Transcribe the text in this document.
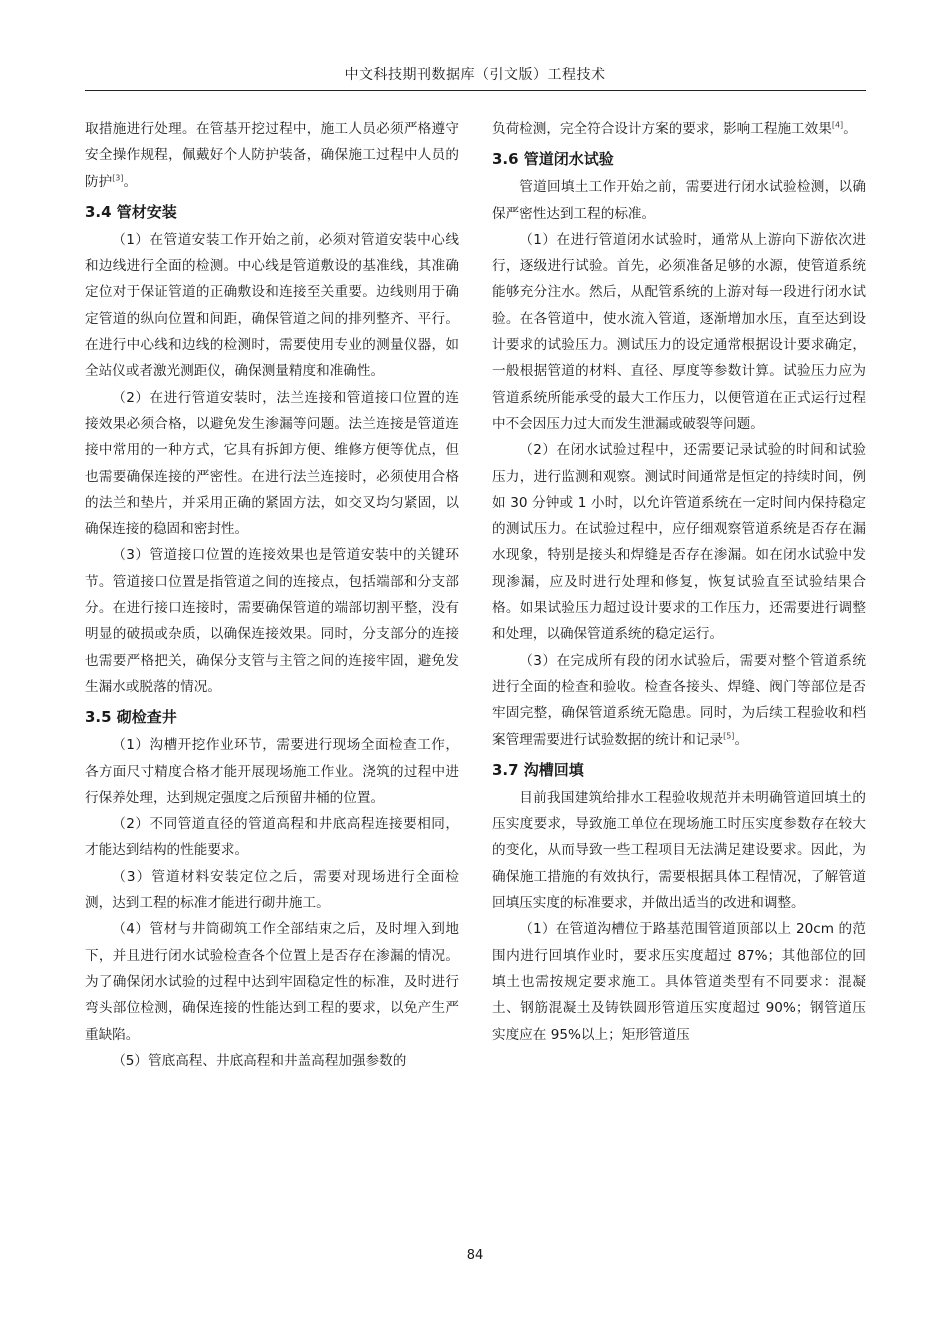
中文科技期刊数据库（引文版）工程技术

取措施进行处理。在管基开挖过程中，施工人员必须严格遵守安全操作规程，佩戴好个人防护装备，确保施工过程中人员的防护[3]。

3.4 管材安装

（1）在管道安装工作开始之前，必须对管道安装中心线和边线进行全面的检测。中心线是管道敷设的基准线，其准确定位对于保证管道的正确敷设和连接至关重要。边线则用于确定管道的纵向位置和间距，确保管道之间的排列整齐、平行。在进行中心线和边线的检测时，需要使用专业的测量仪器，如全站仪或者激光测距仪，确保测量精度和准确性。

（2）在进行管道安装时，法兰连接和管道接口位置的连接效果必须合格，以避免发生渗漏等问题。法兰连接是管道连接中常用的一种方式，它具有拆卸方便、维修方便等优点，但也需要确保连接的严密性。在进行法兰连接时，必须使用合格的法兰和垫片，并采用正确的紧固方法，如交叉均匀紧固，以确保连接的稳固和密封性。

（3）管道接口位置的连接效果也是管道安装中的关键环节。管道接口位置是指管道之间的连接点，包括端部和分支部分。在进行接口连接时，需要确保管道的端部切割平整，没有明显的破损或杂质，以确保连接效果。同时，分支部分的连接也需要严格把关，确保分支管与主管之间的连接牢固，避免发生漏水或脱落的情况。

3.5 砌检查井

（1）沟槽开挖作业环节，需要进行现场全面检查工作，各方面尺寸精度合格才能开展现场施工作业。浇筑的过程中进行保养处理，达到规定强度之后预留井桶的位置。

（2）不同管道直径的管道高程和井底高程连接要相同，才能达到结构的性能要求。

（3）管道材料安装定位之后，需要对现场进行全面检测，达到工程的标准才能进行砌井施工。

（4）管材与井筒砌筑工作全部结束之后，及时埋入到地下，并且进行闭水试验检查各个位置上是否存在渗漏的情况。为了确保闭水试验的过程中达到牢固稳定性的标准，及时进行弯头部位检测，确保连接的性能达到工程的要求，以免产生严重缺陷。

（5）管底高程、井底高程和井盖高程加强参数的

负荷检测，完全符合设计方案的要求，影响工程施工效果[4]。

3.6 管道闭水试验

管道回填土工作开始之前，需要进行闭水试验检测，以确保严密性达到工程的标准。

（1）在进行管道闭水试验时，通常从上游向下游依次进行，逐级进行试验。首先，必须准备足够的水源，使管道系统能够充分注水。然后，从配管系统的上游对每一段进行闭水试验。在各管道中，使水流入管道，逐渐增加水压，直至达到设计要求的试验压力。测试压力的设定通常根据设计要求确定，一般根据管道的材料、直径、厚度等参数计算。试验压力应为管道系统所能承受的最大工作压力，以便管道在正式运行过程中不会因压力过大而发生泄漏或破裂等问题。

（2）在闭水试验过程中，还需要记录试验的时间和试验压力，进行监测和观察。测试时间通常是恒定的持续时间，例如 30 分钟或 1 小时，以允许管道系统在一定时间内保持稳定的测试压力。在试验过程中，应仔细观察管道系统是否存在漏水现象，特别是接头和焊缝是否存在渗漏。如在闭水试验中发现渗漏，应及时进行处理和修复，恢复试验直至试验结果合格。如果试验压力超过设计要求的工作压力，还需要进行调整和处理，以确保管道系统的稳定运行。

（3）在完成所有段的闭水试验后，需要对整个管道系统进行全面的检查和验收。检查各接头、焊缝、阀门等部位是否牢固完整，确保管道系统无隐患。同时，为后续工程验收和档案管理需要进行试验数据的统计和记录[5]。

3.7 沟槽回填

目前我国建筑给排水工程验收规范并未明确管道回填土的压实度要求，导致施工单位在现场施工时压实度参数存在较大的变化，从而导致一些工程项目无法满足建设要求。因此，为确保施工措施的有效执行，需要根据具体工程情况，了解管道回填压实度的标准要求，并做出适当的改进和调整。

（1）在管道沟槽位于路基范围管道顶部以上 20cm 的范围内进行回填作业时，要求压实度超过 87%；其他部位的回填土也需按规定要求施工。具体管道类型有不同要求：混凝土、钢筋混凝土及铸铁圆形管道压实度超过 90%；钢管道压实度应在 95%以上；矩形管道压

84
